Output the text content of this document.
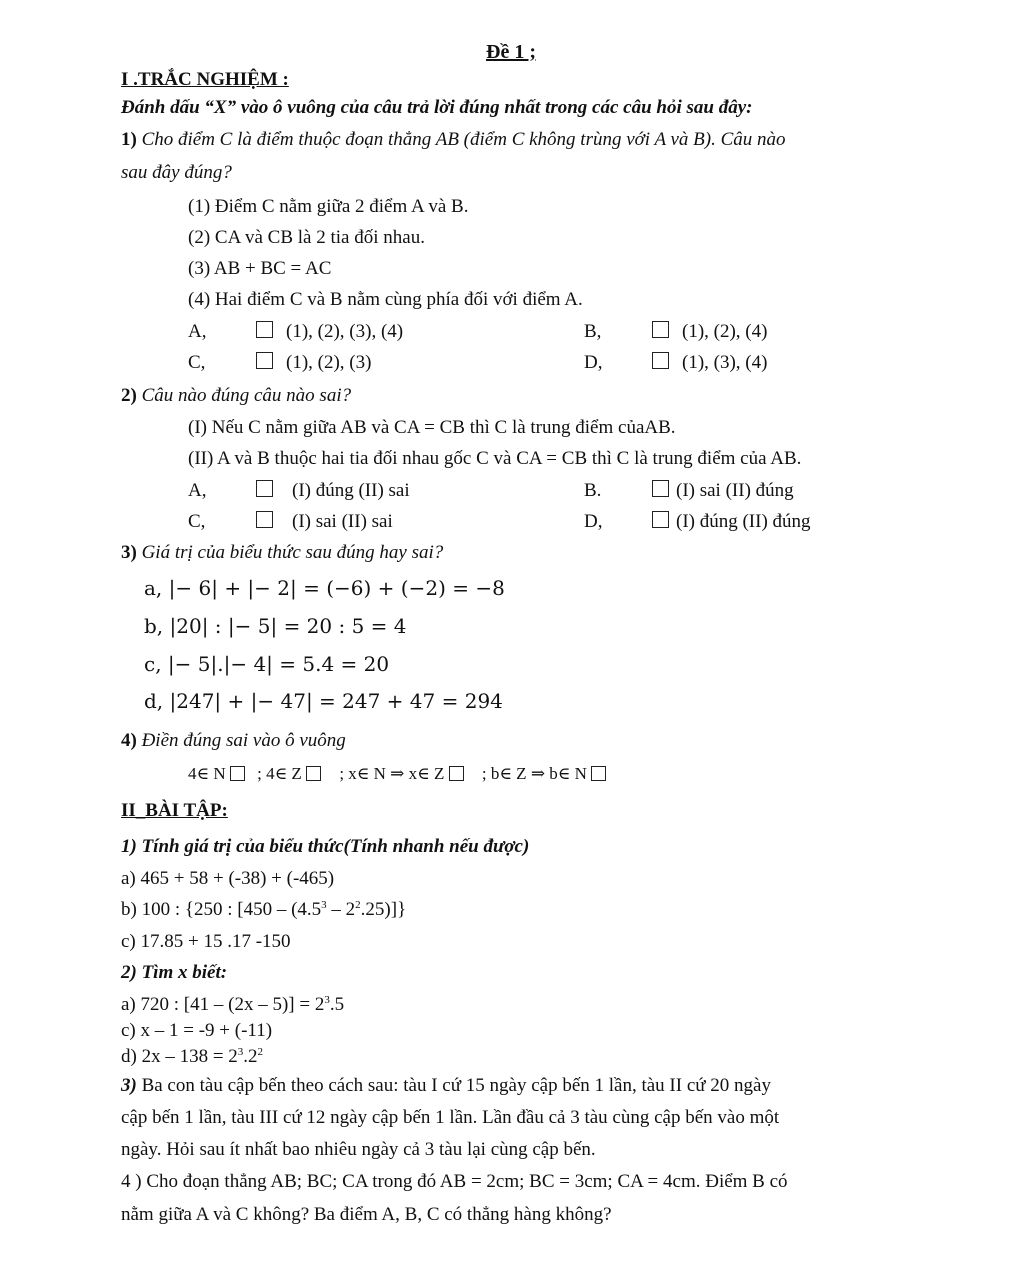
Đề 1 ;
I .TRẮC NGHIỆM :
Đánh dấu “X” vào ô vuông của câu trả lời đúng nhất trong các câu hỏi sau đây:
1) Cho điểm C là điểm thuộc đoạn thẳng AB (điểm C không trùng với A và B). Câu nào
sau đây đúng?
(1) Điểm C nằm giữa 2 điểm A và B.
(2) CA và CB là 2 tia đối nhau.
(3) AB + BC = AC
(4) Hai điểm C và B nằm cùng phía đối với điểm A.
A,	(1), (2), (3), (4)	B,	(1), (2), (4)
C,	(1), (2), (3)	D,	(1), (3), (4)
2) Câu nào đúng câu nào sai?
(I) Nếu C nằm giữa AB và CA = CB thì C là trung điểm củaAB.
(II) A và B thuộc hai tia đối nhau gốc C và CA = CB thì C là trung điểm của AB.
A,	(I) đúng (II) sai	B.	(I) sai (II) đúng
C,	(I) sai (II) sai	D,	(I) đúng (II) đúng
3) Giá trị của biểu thức sau đúng hay sai?
a, |− 6| + |− 2| = (−6) + (−2) = −8
b, |20| : |− 5| = 20 : 5 = 4
c, |− 5|.|− 4| = 5.4 = 20
d, |247| + |− 47| = 247 + 47 = 294
4) Điền đúng sai vào ô vuông
4∈ N ; 4∈ Z ; x∈ N ⇒ x∈ Z ; b∈ Z ⇒ b∈ N
II_BÀI TẬP:
1) Tính giá trị của biểu thức(Tính nhanh nếu được)
a) 465 + 58 + (-38) + (-465)
b) 100 : {250 : $[450 - (4.5^3 - 2^2.25)]$}
c) 17.85 + 15 .17 -150
2) Tìm x biết:
a) 720 : $[41 - (2x - 5)] = 2^3.5$
c) x – 1 = -9 + (-11)
d) $2x - 138 = 2^3.2^2$
3) Ba con tàu cập bến theo cách sau: tàu I cứ 15 ngày cập bến 1 lần, tàu II cứ 20 ngày
cập bến 1 lần, tàu III cứ 12 ngày cập bến 1 lần. Lần đầu cả 3 tàu cùng cập bến vào một
ngày. Hỏi sau ít nhất bao nhiêu ngày cả 3 tàu lại cùng cập bến.
4 ) Cho đoạn thẳng AB; BC; CA trong đó AB = 2cm; BC = 3cm; CA = 4cm. Điểm B có
nằm giữa A và C không? Ba điểm A, B, C có thẳng hàng không?
